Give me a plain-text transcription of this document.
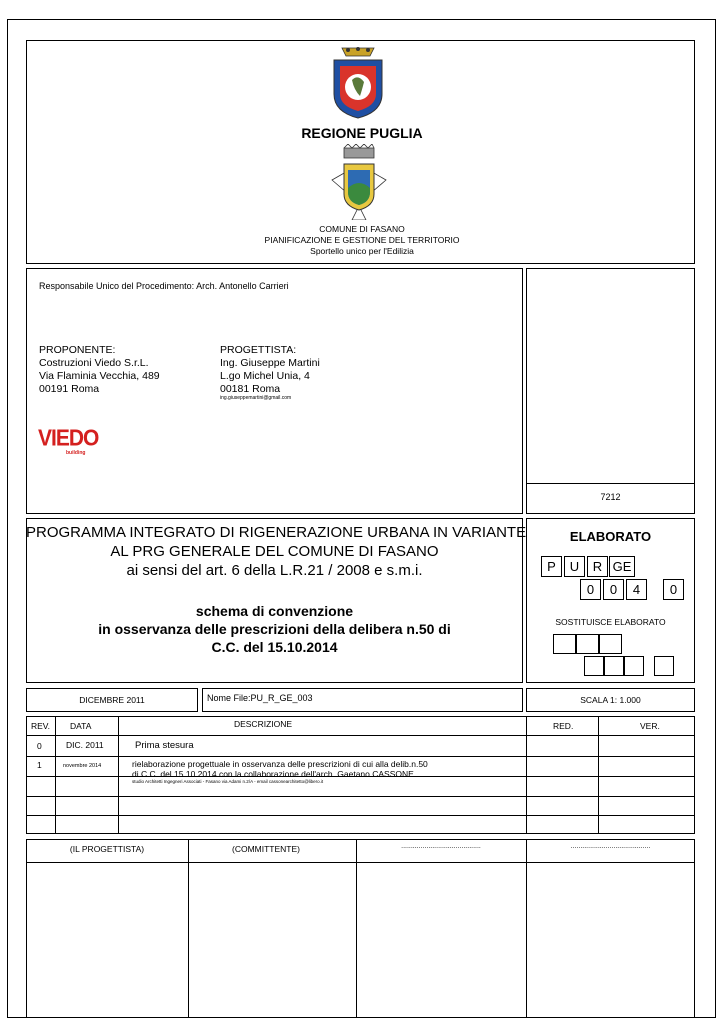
REGIONE PUGLIA
COMUNE DI FASANO
PIANIFICAZIONE E GESTIONE DEL TERRITORIO
Sportello unico per l'Edilizia
Responsabile Unico del Procedimento: Arch. Antonello Carrieri
PROPONENTE:
Costruzioni Viedo S.r.L.
Via Flaminia Vecchia, 489
00191 Roma
PROGETTISTA:
Ing. Giuseppe Martini
L.go Michel Unia, 4
00181 Roma
ing.giuseppemartini@gmail.com
VIEDO
building
7212
PROGRAMMA INTEGRATO DI RIGENERAZIONE URBANA IN VARIANTE
AL PRG GENERALE DEL COMUNE DI FASANO
ai sensi del art. 6 della L.R.21 / 2008 e s.m.i.
schema di convenzione
in osservanza delle prescrizioni della delibera n.50 di
C.C. del 15.10.2014
ELABORATO
P	U	R GE
0	0	4	0
SOSTITUISCE ELABORATO
DICEMBRE 2011	Nome File:PU_R_GE_003	SCALA 1: 1.000
REV.	DATA	DESCRIZIONE	RED.	VER.
0	DIC. 2011	Prima stesura
1	novembre 2014	rielaborazione progettuale in osservanza delle prescrizioni di cui alla delib.n.50
di C.C. del 15.10.2014 con la collaborazione dell'arch. Gaetano CASSONE
studio Architetti Ingegneri Associati - Fasano via Adami n.2/A - email cassonearchitetto@libero.it
(IL PROGETTISTA)	(COMMITTENTE)	.........................................	.........................................
